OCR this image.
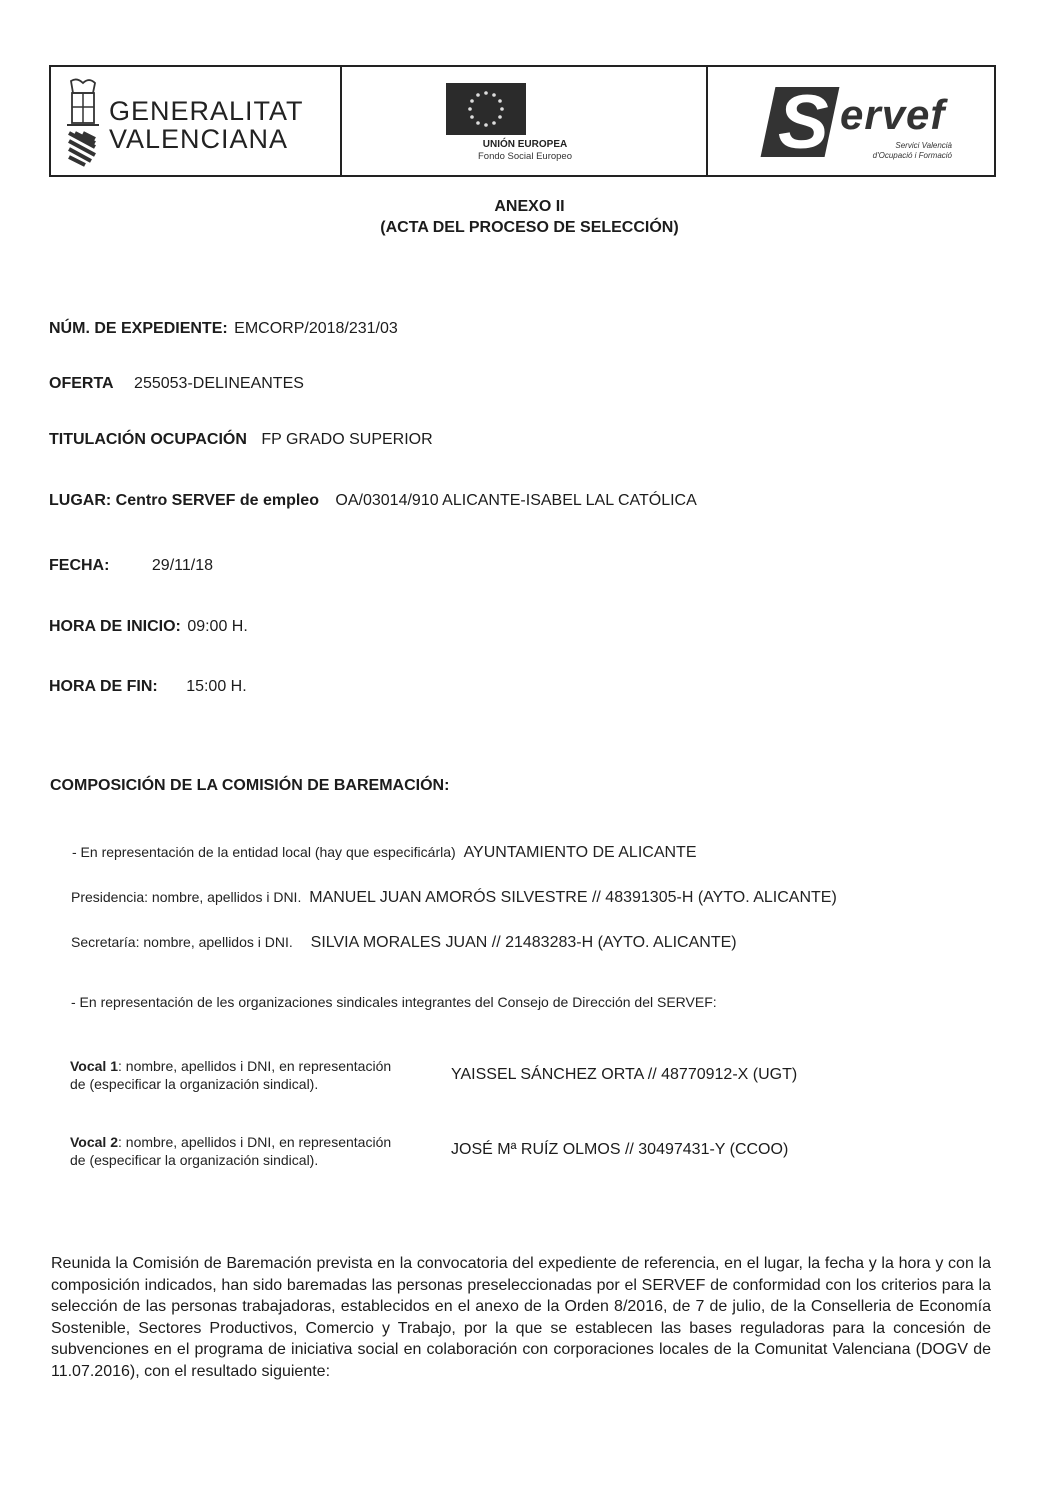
GENERALITAT
VALENCIANA	UNIÓN EUROPEA
Fondo Social Europeo	S ervef
Servici Valencià
d'Ocupació i Formació
ANEXO II
(ACTA DEL PROCESO DE SELECCIÓN)
NÚM. DE EXPEDIENTE: EMCORP/2018/231/03
OFERTA 255053-DELINEANTES
TITULACIÓN OCUPACIÓN FP GRADO SUPERIOR
LUGAR: Centro SERVEF de empleo OA/03014/910 ALICANTE-ISABEL LAL CATÓLICA
FECHA:	29/11/18
HORA DE INICIO: 09:00 H.
HORA DE FIN: 15:00 H.
COMPOSICIÓN DE LA COMISIÓN DE BAREMACIÓN:
- En representación de la entidad local (hay que especificárla) AYUNTAMIENTO DE ALICANTE
Presidencia: nombre, apellidos i DNI. MANUEL JUAN AMORÓS SILVESTRE // 48391305-H (AYTO. ALICANTE)
Secretaría: nombre, apellidos i DNI. SILVIA MORALES JUAN // 21483283-H (AYTO. ALICANTE)
- En representación de les organizaciones sindicales integrantes del Consejo de Dirección del SERVEF:
Vocal 1: nombre, apellidos i DNI, en representación
de (especificar la organización sindical).
YAISSEL SÁNCHEZ ORTA // 48770912-X (UGT)
Vocal 2: nombre, apellidos i DNI, en representación
de (especificar la organización sindical).
JOSÉ Mª RUÍZ OLMOS // 30497431-Y (CCOO)
Reunida la Comisión de Baremación prevista en la convocatoria del expediente de referencia, en el lugar, la fecha y la hora y con la composición indicados, han sido baremadas las personas preseleccionadas por el SERVEF de conformidad con los criterios para la selección de las personas trabajadoras, establecidos en el anexo de la Orden 8/2016, de 7 de julio, de la Conselleria de Economía Sostenible, Sectores Productivos, Comercio y Trabajo, por la que se establecen las bases reguladoras para la concesión de subvenciones en el programa de iniciativa social en colaboración con corporaciones locales de la Comunitat Valenciana (DOGV de 11.07.2016), con el resultado siguiente:
